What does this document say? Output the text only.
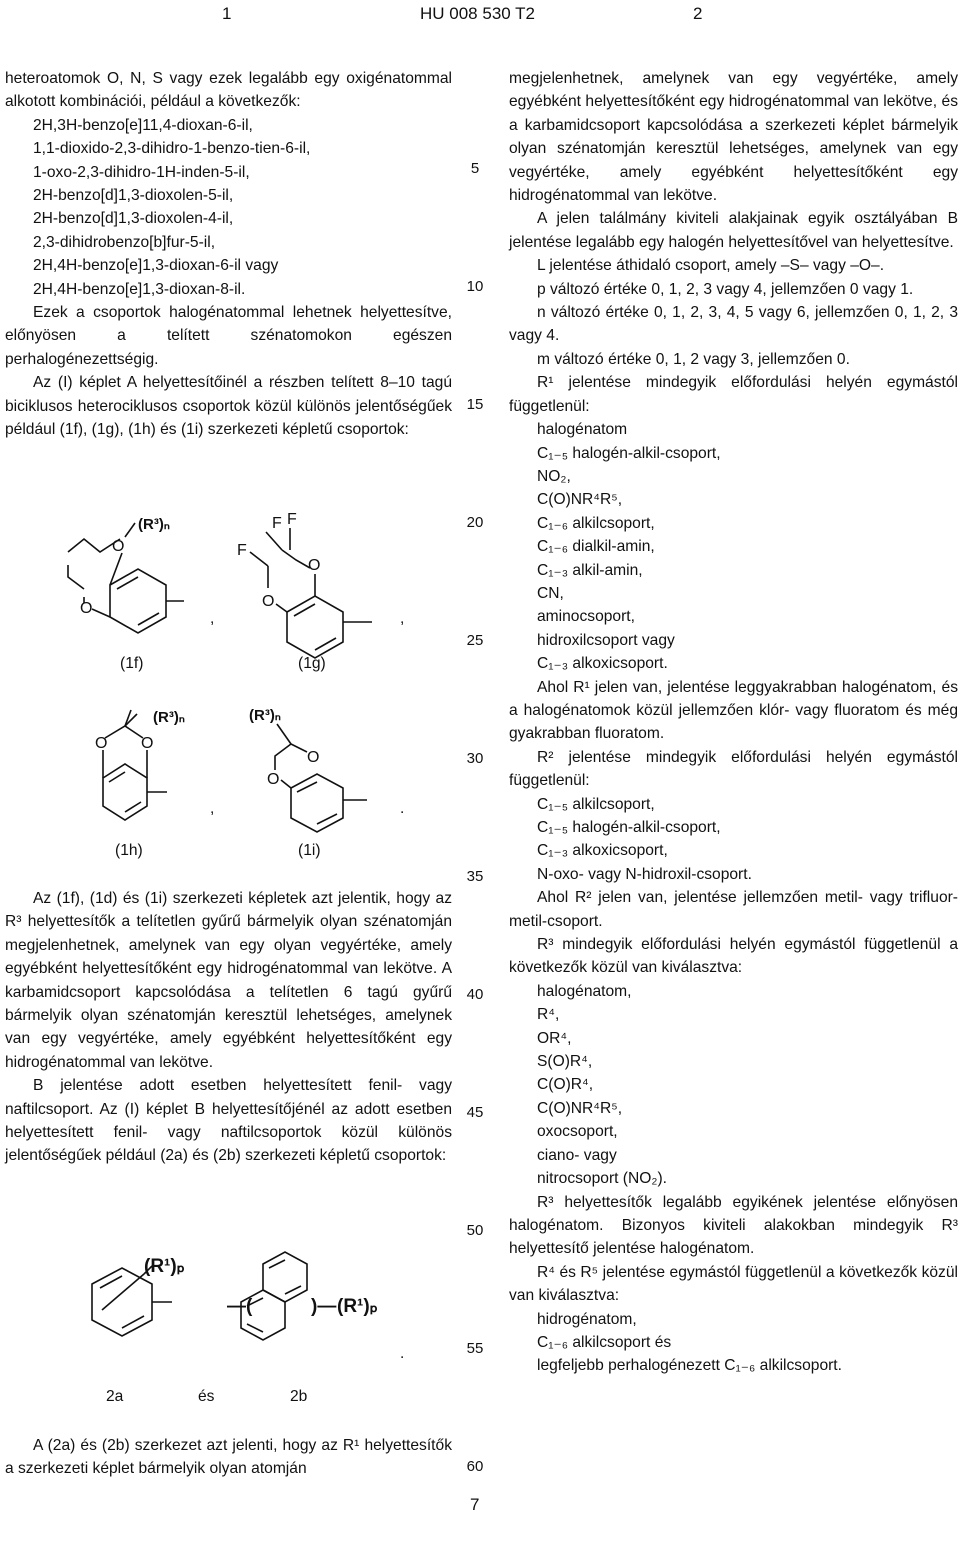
1	HU 008 530 T2	2

heteroatomok O, N, S vagy ezek legalább egy oxigénatommal alkotott kombinációi, például a következők:

2H,3H-benzo[e]11,4-dioxan-6-il,

1,1-dioxido-2,3-dihidro-1-benzo-tien-6-il,

1-oxo-2,3-dihidro-1H-inden-5-il,

2H-benzo[d]1,3-dioxolen-5-il,

2H-benzo[d]1,3-dioxolen-4-il,

2,3-dihidrobenzo[b]fur-5-il,

2H,4H-benzo[e]1,3-dioxan-6-il vagy

2H,4H-benzo[e]1,3-dioxan-8-il.

Ezek a csoportok halogénatommal lehetnek helyettesítve, előnyösen a telített szénatomokon egészen perhalogénezettségig.

Az (I) képlet A helyettesítőinél a részben telített 8–10 tagú biciklusos heterociklusos csoportok közül különös jelentőségűek például (1f), (1g), (1h) és (1i) szerkezeti képletű csoportok:

(R³)ₙ
O
O
(1f)
,
F F
F
O
O
(1g)
,
(R³)ₙ
O O
(1h)
,
(R³)ₙ
O
O
(1i)
.

Az (1f), (1d) és (1i) szerkezeti képletek azt jelentik, hogy az R³ helyettesítők a telítetlen gyűrű bármelyik olyan szénatomján megjelenhetnek, amelynek van egy olyan vegyértéke, amely egyébként helyettesítőként egy hidrogénatommal van lekötve. A karbamidcsoport kapcsolódása a telítetlen 6 tagú gyűrű bármelyik olyan szénatomján keresztül lehetséges, amelynek van egy vegyértéke, amely egyébként helyettesítőként egy hidrogénatommal van lekötve.

B jelentése adott esetben helyettesített fenil- vagy naftilcsoport. Az (I) képlet B helyettesítőjénél az adott esetben helyettesített fenil- vagy naftilcsoportok közül különös jelentőségűek például (2a) és (2b) szerkezeti képletű csoportok:

(R¹)ₚ
—(	)— (R¹)ₚ
.
2a	és	2b

A (2a) és (2b) szerkezet azt jelenti, hogy az R¹ helyettesítők a szerkezeti képlet bármelyik olyan atomján

5
10
15
20
25
30
35
40
45
50
55
60

megjelenhetnek, amelynek van egy vegyértéke, amely egyébként helyettesítőként egy hidrogénatommal van lekötve, és a karbamidcsoport kapcsolódása a szerkezeti képlet bármelyik olyan szénatomján keresztül lehetséges, amelynek van egy vegyértéke, amely egyébként helyettesítőként egy hidrogénatommal van lekötve.

A jelen találmány kiviteli alakjainak egyik osztályában B jelentése legalább egy halogén helyettesítővel van helyettesítve.

L jelentése áthidaló csoport, amely –S– vagy –O–.

p változó értéke 0, 1, 2, 3 vagy 4, jellemzően 0 vagy 1.

n változó értéke 0, 1, 2, 3, 4, 5 vagy 6, jellemzően 0, 1, 2, 3 vagy 4.

m változó értéke 0, 1, 2 vagy 3, jellemzően 0.

R¹ jelentése mindegyik előfordulási helyén egymástól függetlenül:

halogénatom

C₁₋₅ halogén-alkil-csoport,

NO₂,

C(O)NR⁴R⁵,

C₁₋₆ alkilcsoport,

C₁₋₆ dialkil-amin,

C₁₋₃ alkil-amin,

CN,

aminocsoport,

hidroxilcsoport vagy

C₁₋₃ alkoxicsoport.

Ahol R¹ jelen van, jelentése leggyakrabban halogénatom, és a halogénatomok közül jellemzően klór- vagy fluoratom és még gyakrabban fluoratom.

R² jelentése mindegyik előfordulási helyén egymástól függetlenül:

C₁₋₅ alkilcsoport,

C₁₋₅ halogén-alkil-csoport,

C₁₋₃ alkoxicsoport,

N-oxo- vagy N-hidroxil-csoport.

Ahol R² jelen van, jelentése jellemzően metil- vagy trifluor-metil-csoport.

R³ mindegyik előfordulási helyén egymástól függetlenül a következők közül van kiválasztva:

halogénatom,

R⁴,

OR⁴,

S(O)R⁴,

C(O)R⁴,

C(O)NR⁴R⁵,

oxocsoport,

ciano- vagy

nitrocsoport (NO₂).

R³ helyettesítők legalább egyikének jelentése előnyösen halogénatom. Bizonyos kiviteli alakokban mindegyik R³ helyettesítő jelentése halogénatom.

R⁴ és R⁵ jelentése egymástól függetlenül a következők közül van kiválasztva:

hidrogénatom,

C₁₋₆ alkilcsoport és

legfeljebb perhalogénezett C₁₋₆ alkilcsoport.

7
